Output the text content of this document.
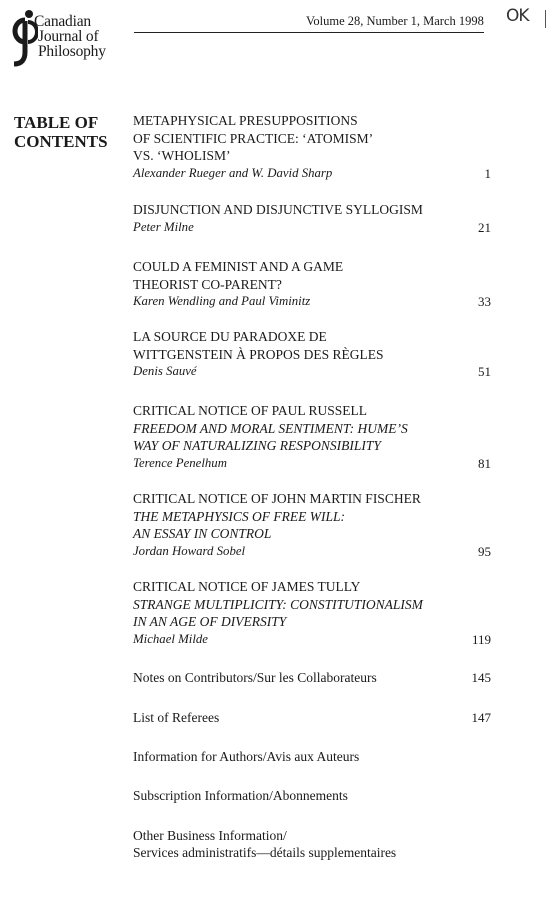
Canadian
Journal of
Philosophy
Volume 28, Number 1, March 1998 OK
TABLE OF
CONTENTS
METAPHYSICAL PRESUPPOSITIONS
OF SCIENTIFIC PRACTICE: ‘ATOMISM’
VS. ‘WHOLISM’
Alexander Rueger and W. David Sharp	1
DISJUNCTION AND DISJUNCTIVE SYLLOGISM
Peter Milne	21
COULD A FEMINIST AND A GAME
THEORIST CO-PARENT?
Karen Wendling and Paul Viminitz	33
LA SOURCE DU PARADOXE DE
WITTGENSTEIN À PROPOS DES RÈGLES
Denis Sauvé	51
CRITICAL NOTICE OF PAUL RUSSELL
FREEDOM AND MORAL SENTIMENT: HUME’S
WAY OF NATURALIZING RESPONSIBILITY
Terence Penelhum	81
CRITICAL NOTICE OF JOHN MARTIN FISCHER
THE METAPHYSICS OF FREE WILL:
AN ESSAY IN CONTROL
Jordan Howard Sobel	95
CRITICAL NOTICE OF JAMES TULLY
STRANGE MULTIPLICITY: CONSTITUTIONALISM
IN AN AGE OF DIVERSITY
Michael Milde	119
Notes on Contributors/Sur les Collaborateurs	145
List of Referees	147
Information for Authors/Avis aux Auteurs
Subscription Information/Abonnements
Other Business Information/
Services administratifs—détails supplementaires
